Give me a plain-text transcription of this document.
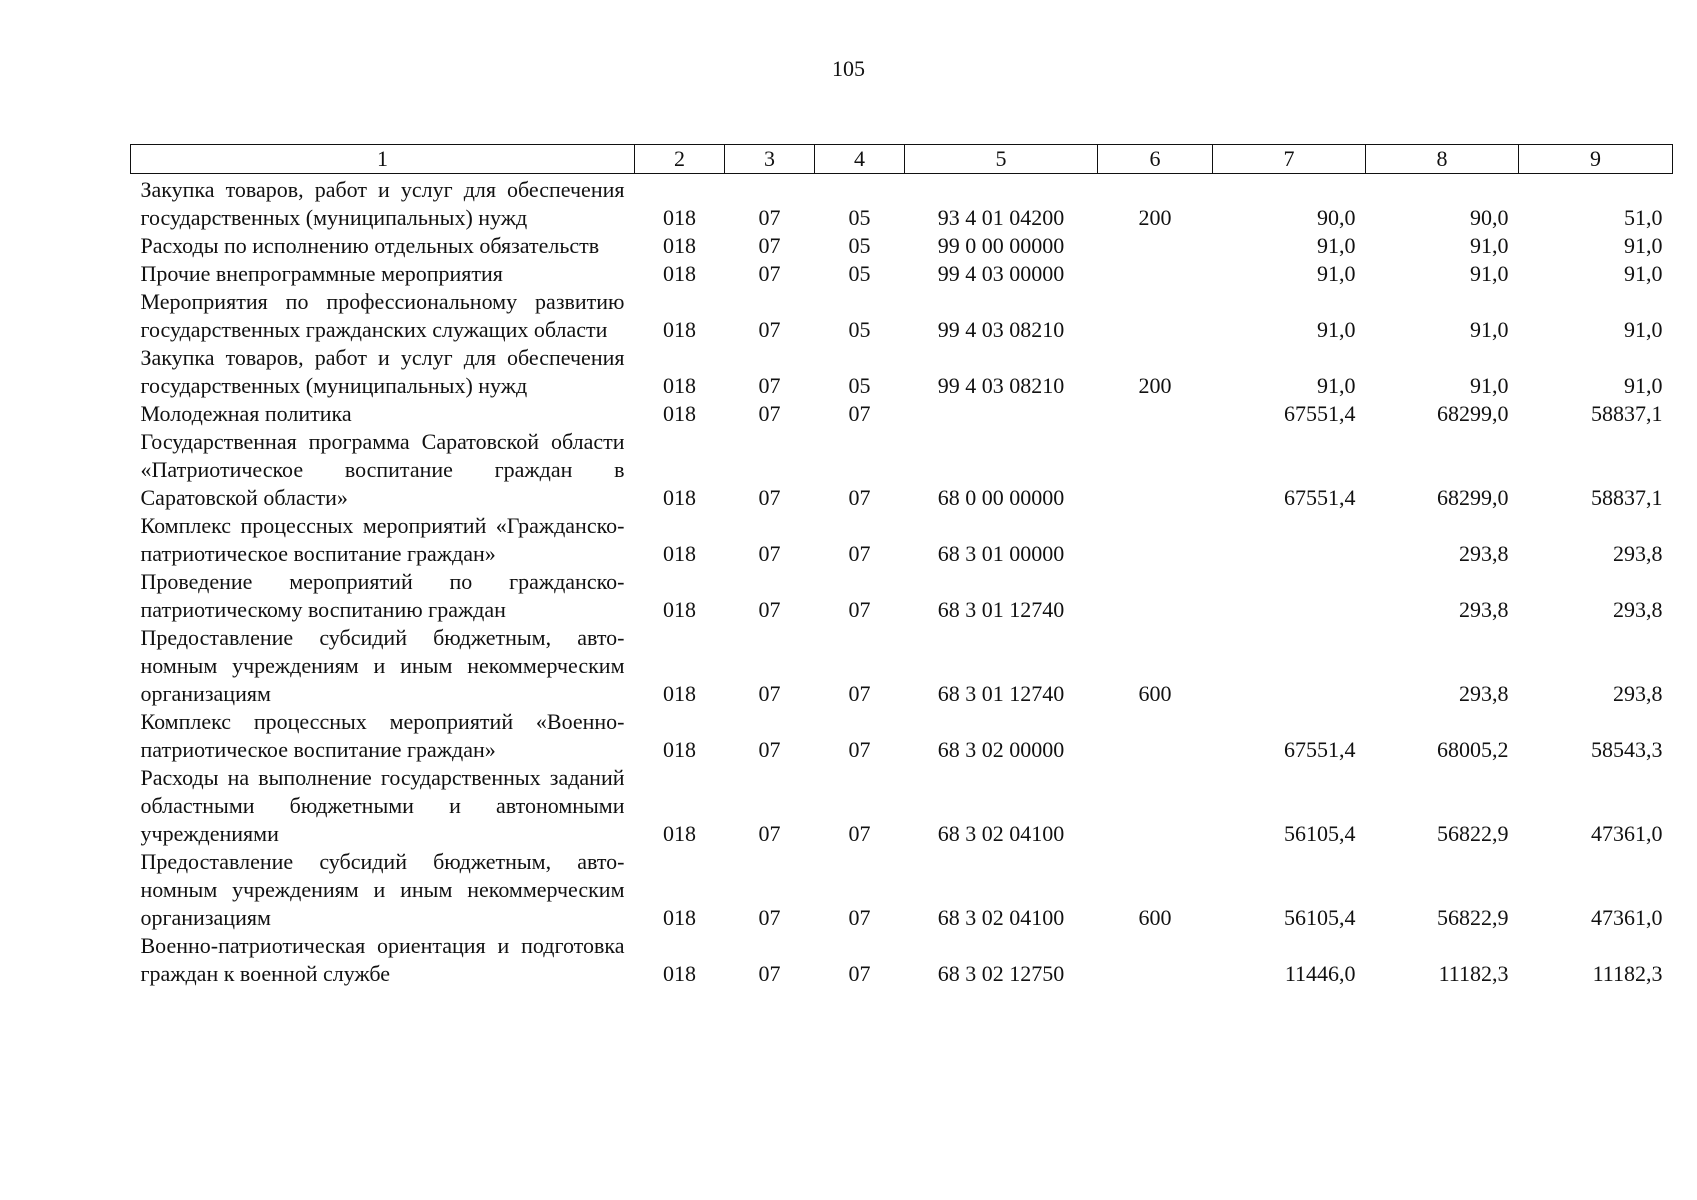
105
1	2	3	4	5	6	7	8	9
Закупка товаров, работ и услуг для обеспечения государственных (муниципальных) нужд	018	07	05	93 4 01 04200	200	90,0	90,0	51,0
Расходы по исполнению отдельных обязательств	018	07	05	99 0 00 00000		91,0	91,0	91,0
Прочие внепрограммные мероприятия	018	07	05	99 4 03 00000		91,0	91,0	91,0
Мероприятия по профессиональному развитию государственных гражданских служащих области	018	07	05	99 4 03 08210		91,0	91,0	91,0
Закупка товаров, работ и услуг для обеспечения государственных (муниципальных) нужд	018	07	05	99 4 03 08210	200	91,0	91,0	91,0
Молодежная политика	018	07	07			67551,4	68299,0	58837,1
Государственная программа Саратовской области «Патриотическое воспитание граждан в Саратовской области»	018	07	07	68 0 00 00000		67551,4	68299,0	58837,1
Комплекс процессных мероприятий «Гражданско-патриотическое воспитание граждан»	018	07	07	68 3 01 00000			293,8	293,8
Проведение мероприятий по гражданско-патриотическому воспитанию граждан	018	07	07	68 3 01 12740			293,8	293,8
Предоставление субсидий бюджетным, автономным учреждениям и иным некоммерческим организациям	018	07	07	68 3 01 12740	600		293,8	293,8
Комплекс процессных мероприятий «Военно-патриотическое воспитание граждан»	018	07	07	68 3 02 00000		67551,4	68005,2	58543,3
Расходы на выполнение государственных заданий областными бюджетными и автономными учреждениями	018	07	07	68 3 02 04100		56105,4	56822,9	47361,0
Предоставление субсидий бюджетным, автономным учреждениям и иным некоммерческим организациям	018	07	07	68 3 02 04100	600	56105,4	56822,9	47361,0
Военно-патриотическая ориентация и подготовка граждан к военной службе	018	07	07	68 3 02 12750		11446,0	11182,3	11182,3
